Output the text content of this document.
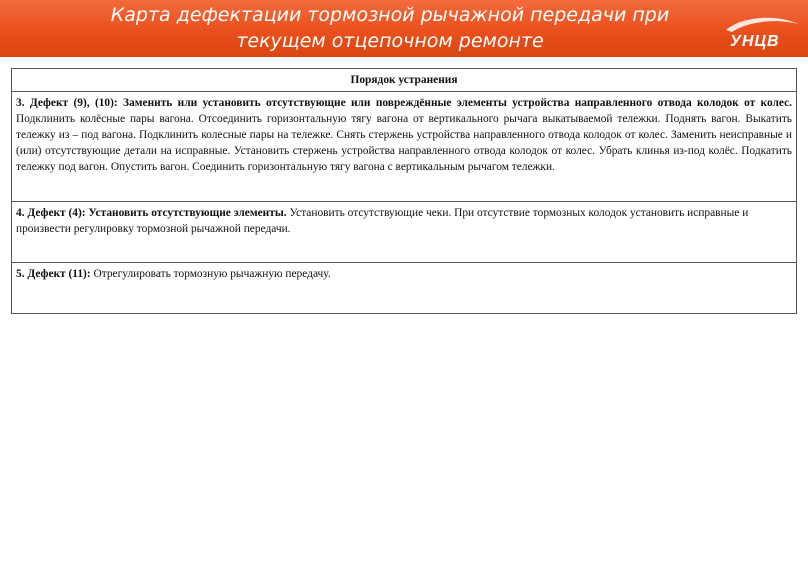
Карта дефектации тормозной рычажной передачи при
текущем отцепочном ремонте	УНЦВ
Порядок устранения
3. Дефект (9), (10): Заменить или установить отсутствующие или повреждённые элементы устройства направленного отвода колодок от колес. Подклинить колёсные пары вагона. Отсоединить горизонтальную тягу вагона от вертикального рычага выкатываемой тележки. Поднять вагон. Выкатить тележку из – под вагона. Подклинить колесные пары на тележке. Снять стержень устройства направленного отвода колодок от колес. Заменить неисправные и (или) отсутствующие детали на исправные. Установить стержень устройства направленного отвода колодок от колес. Убрать клинья из-под колёс. Подкатить тележку под вагон. Опустить вагон. Соединить горизонтальную тягу вагона с вертикальным рычагом тележки.
4. Дефект (4): Установить отсутствующие элементы. Установить отсутствующие чеки. При отсутствие тормозных колодок установить исправные и произвести регулировку тормозной рычажной передачи.
5. Дефект (11): Отрегулировать тормозную рычажную передачу.
